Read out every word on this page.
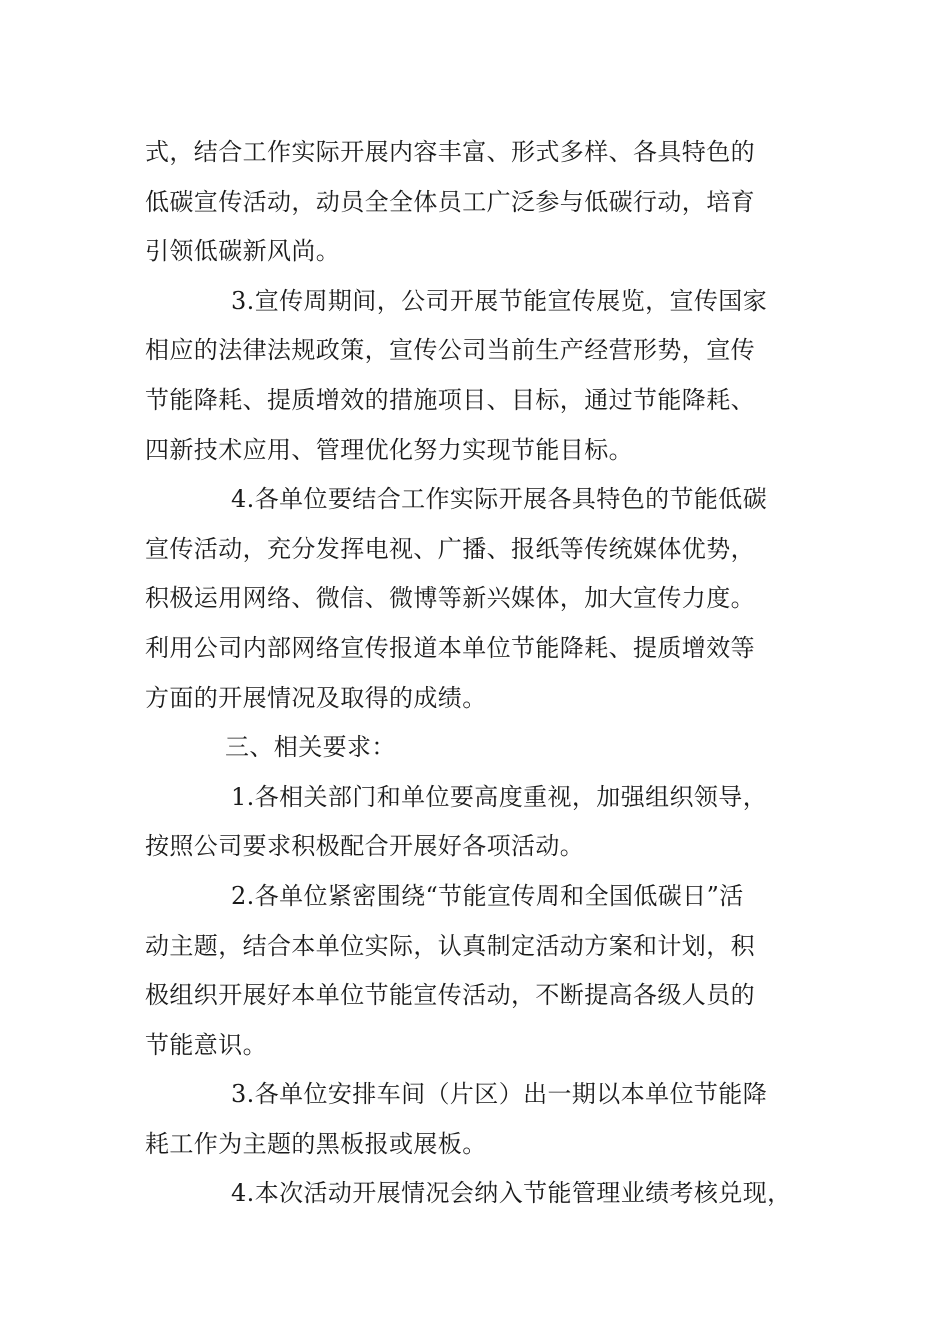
式，结合工作实际开展内容丰富、形式多样、各具特色的
低碳宣传活动，动员全全体员工广泛参与低碳行动，培育
引领低碳新风尚。
3.宣传周期间，公司开展节能宣传展览，宣传国家
相应的法律法规政策，宣传公司当前生产经营形势，宣传
节能降耗、提质增效的措施项目、目标，通过节能降耗、
四新技术应用、管理优化努力实现节能目标。
4.各单位要结合工作实际开展各具特色的节能低碳
宣传活动，充分发挥电视、广播、报纸等传统媒体优势，
积极运用网络、微信、微博等新兴媒体，加大宣传力度。
利用公司内部网络宣传报道本单位节能降耗、提质增效等
方面的开展情况及取得的成绩。
三、相关要求：
1.各相关部门和单位要高度重视，加强组织领导，
按照公司要求积极配合开展好各项活动。
2.各单位紧密围绕“节能宣传周和全国低碳日”活
动主题，结合本单位实际，认真制定活动方案和计划，积
极组织开展好本单位节能宣传活动，不断提高各级人员的
节能意识。
3.各单位安排车间（片区）出一期以本单位节能降
耗工作为主题的黑板报或展板。
4.本次活动开展情况会纳入节能管理业绩考核兑现，
